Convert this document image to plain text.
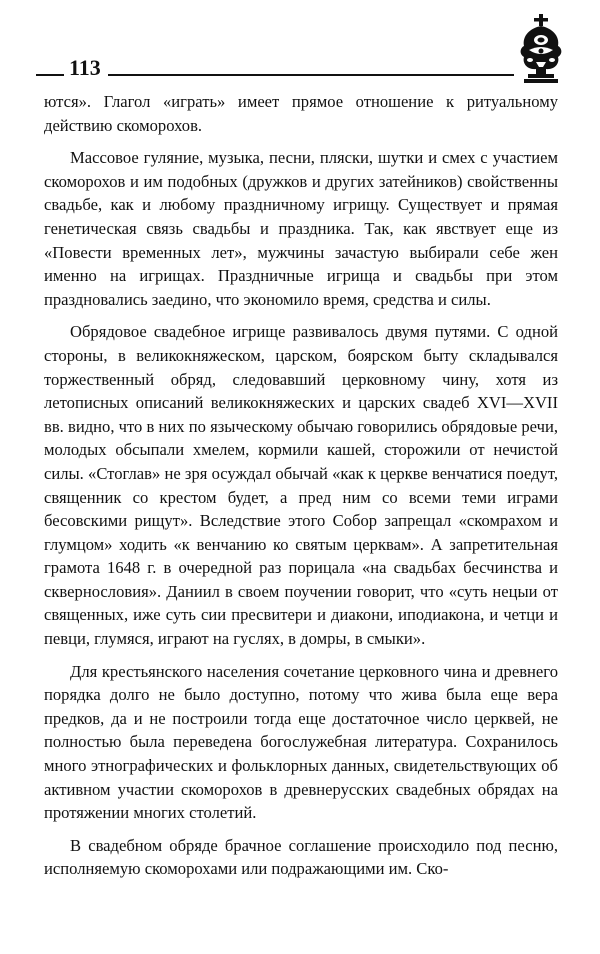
113

ются». Глагол «играть» имеет прямое отношение к ритуальному действию скоморохов.

Массовое гуляние, музыка, песни, пляски, шутки и смех с участием скоморохов и им подобных (дружков и других затейников) свойственны свадьбе, как и любому праздничному игрищу. Существует и прямая генетическая связь свадьбы и праздника. Так, как явствует еще из «Повести временных лет», мужчины зачастую выбирали себе жен именно на игрищах. Праздничные игрища и свадьбы при этом праздновались заедино, что экономило время, средства и силы.

Обрядовое свадебное игрище развивалось двумя путями. С одной стороны, в великокняжеском, царском, боярском быту складывался торжественный обряд, следовавший церковному чину, хотя из летописных описаний великокняжеских и царских свадеб XVI—XVII вв. видно, что в них по языческому обычаю говорились обрядовые речи, молодых обсыпали хмелем, кормили кашей, сторожили от нечистой силы. «Стоглав» не зря осуждал обычай «как к церкве венчатися поедут, священник со крестом будет, а пред ним со всеми теми играми бесовскими рищут». Вследствие этого Собор запрещал «скомрахом и глумцом» ходить «к венчанию ко святым церквам». А запретительная грамота 1648 г. в очередной раз порицала «на свадьбах бесчинства и сквернословия». Даниил в своем поучении говорит, что «суть нецыи от священных, иже суть сии пресвитери и диакони, иподиакона, и четци и певци, глумяся, играют на гуслях, в домры, в смыки».

Для крестьянского населения сочетание церковного чина и древнего порядка долго не было доступно, потому что жива была еще вера предков, да и не построили тогда еще достаточное число церквей, не полностью была переведена богослужебная литература. Сохранилось много этнографических и фольклорных данных, свидетельствующих об активном участии скоморохов в древнерусских свадебных обрядах на протяжении многих столетий.

В свадебном обряде брачное соглашение происходило под песню, исполняемую скоморохами или подражающими им. Ско-
